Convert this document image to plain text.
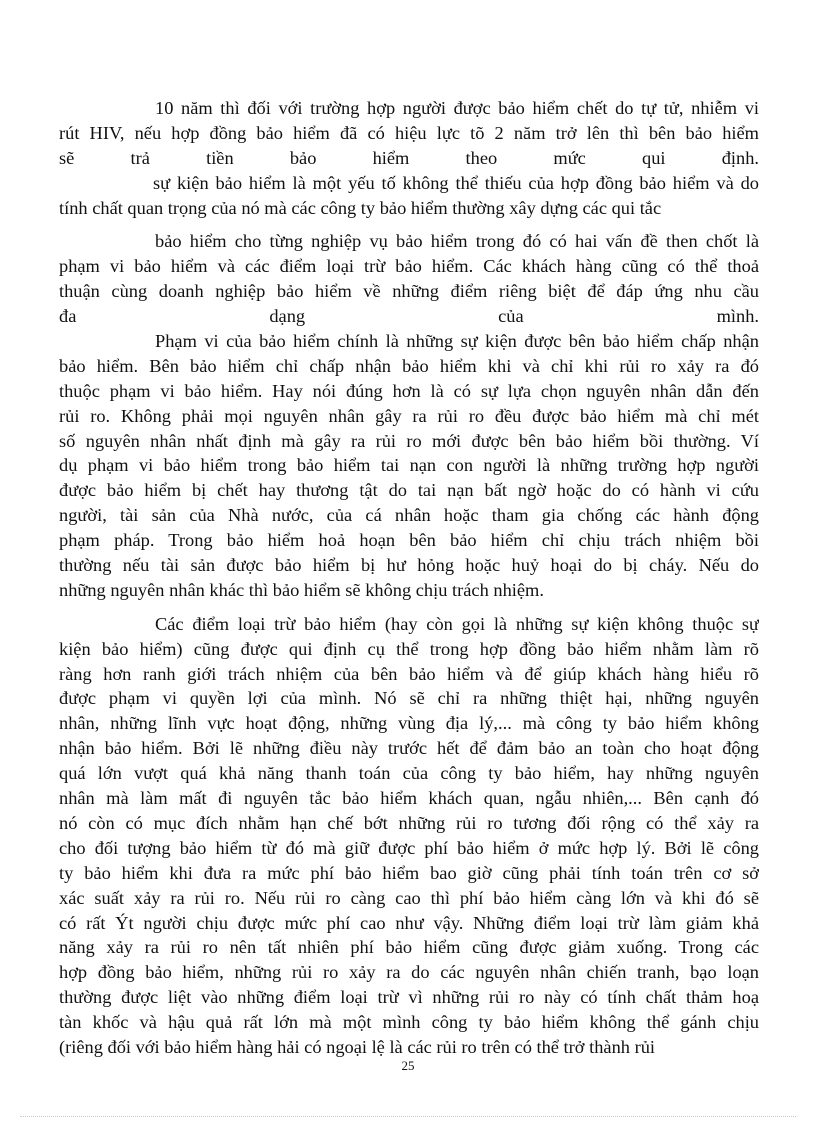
10 năm thì đối với trường hợp người được bảo hiểm chết do tự tử, nhiễm vi
rút HIV, nếu hợp đồng bảo hiểm đã có hiệu lực tõ 2 năm trở lên thì bên bảo hiểm
sẽ trả tiền bảo hiểm theo mức qui định.
sự kiện bảo hiểm là một yếu tố không thể thiếu của hợp đồng bảo hiểm và do
tính chất quan trọng của nó mà các công ty bảo hiểm thường xây dựng các qui tắc
bảo hiểm cho từng nghiệp vụ bảo hiểm trong đó có hai vấn đề then chốt là
phạm vi bảo hiểm và các điểm loại trừ bảo hiểm. Các khách hàng cũng có thể thoả
thuận cùng doanh nghiệp bảo hiểm về những điểm riêng biệt để đáp ứng nhu cầu
đa dạng của mình.
Phạm vi của bảo hiểm chính là những sự kiện được bên bảo hiểm chấp nhận
bảo hiểm. Bên bảo hiểm chỉ chấp nhận bảo hiểm khi và chỉ khi rủi ro xảy ra đó
thuộc phạm vi bảo hiểm. Hay nói đúng hơn là có sự lựa chọn nguyên nhân dẫn đến
rủi ro. Không phải mọi nguyên nhân gây ra rủi ro đều được bảo hiểm mà chỉ mét
số nguyên nhân nhất định mà gây ra rủi ro mới được bên bảo hiểm bồi thường. Ví
dụ phạm vi bảo hiểm trong bảo hiểm tai nạn con người là những trường hợp người
được bảo hiểm bị chết hay thương tật do tai nạn bất ngờ hoặc do có hành vi cứu
người, tài sản của Nhà nước, của cá nhân hoặc tham gia chống các hành động
phạm pháp. Trong bảo hiểm hoả hoạn bên bảo hiểm chỉ chịu trách nhiệm bồi
thường nếu tài sản được bảo hiểm bị hư hỏng hoặc huỷ hoại do bị cháy. Nếu do
những nguyên nhân khác thì bảo hiểm sẽ không chịu trách nhiệm.
Các điểm loại trừ bảo hiểm (hay còn gọi là những sự kiện không thuộc sự
kiện bảo hiểm) cũng được qui định cụ thể trong hợp đồng bảo hiểm nhằm làm rõ
ràng hơn ranh giới trách nhiệm của bên bảo hiểm và để giúp khách hàng hiểu rõ
được phạm vi quyền lợi của mình. Nó sẽ chỉ ra những thiệt hại, những nguyên
nhân, những lĩnh vực hoạt động, những vùng địa lý,... mà công ty bảo hiểm không
nhận bảo hiểm. Bởi lẽ những điều này trước hết để đảm bảo an toàn cho hoạt động
quá lớn vượt quá khả năng thanh toán của công ty bảo hiểm, hay những nguyên
nhân mà làm mất đi nguyên tắc bảo hiểm khách quan, ngẫu nhiên,... Bên cạnh đó
nó còn có mục đích nhằm hạn chế bớt những rủi ro tương đối rộng có thể xảy ra
cho đối tượng bảo hiểm từ đó mà giữ được phí bảo hiểm ở mức hợp lý. Bởi lẽ công
ty bảo hiểm khi đưa ra mức phí bảo hiểm bao giờ cũng phải tính toán trên cơ sở
xác suất xảy ra rủi ro. Nếu rủi ro càng cao thì phí bảo hiểm càng lớn và khi đó sẽ
có rất Ýt người chịu được mức phí cao như vậy. Những điểm loại trừ làm giảm khả
năng xảy ra rủi ro nên tất nhiên phí bảo hiểm cũng được giảm xuống. Trong các
hợp đồng bảo hiểm, những rủi ro xảy ra do các nguyên nhân chiến tranh, bạo loạn
thường được liệt vào những điểm loại trừ vì những rủi ro này có tính chất thảm hoạ
tàn khốc và hậu quả rất lớn mà một mình công ty bảo hiểm không thể gánh chịu
(riêng đối với bảo hiểm hàng hải có ngoại lệ là các rủi ro trên có thể trở thành rủi
25
